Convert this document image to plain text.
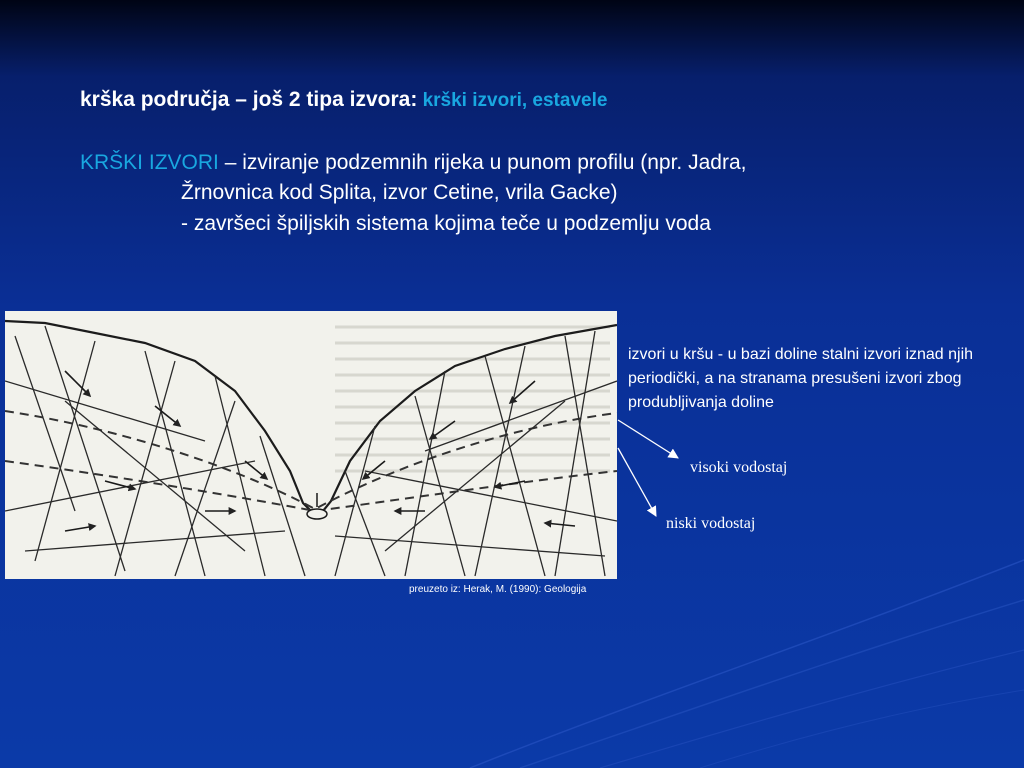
krška područja – još 2 tipa izvora: krški izvori, estavele
KRŠKI IZVORI – izviranje podzemnih rijeka u punom profilu (npr. Jadra,
Žrnovnica kod Splita, izvor Cetine, vrila Gacke)
- završeci špiljskih sistema kojima teče u podzemlju voda
preuzeto iz: Herak, M. (1990): Geologija
izvori u kršu - u bazi doline stalni izvori iznad njih periodički, a na stranama presušeni izvori zbog produbljivanja doline
visoki vodostaj
niski vodostaj
